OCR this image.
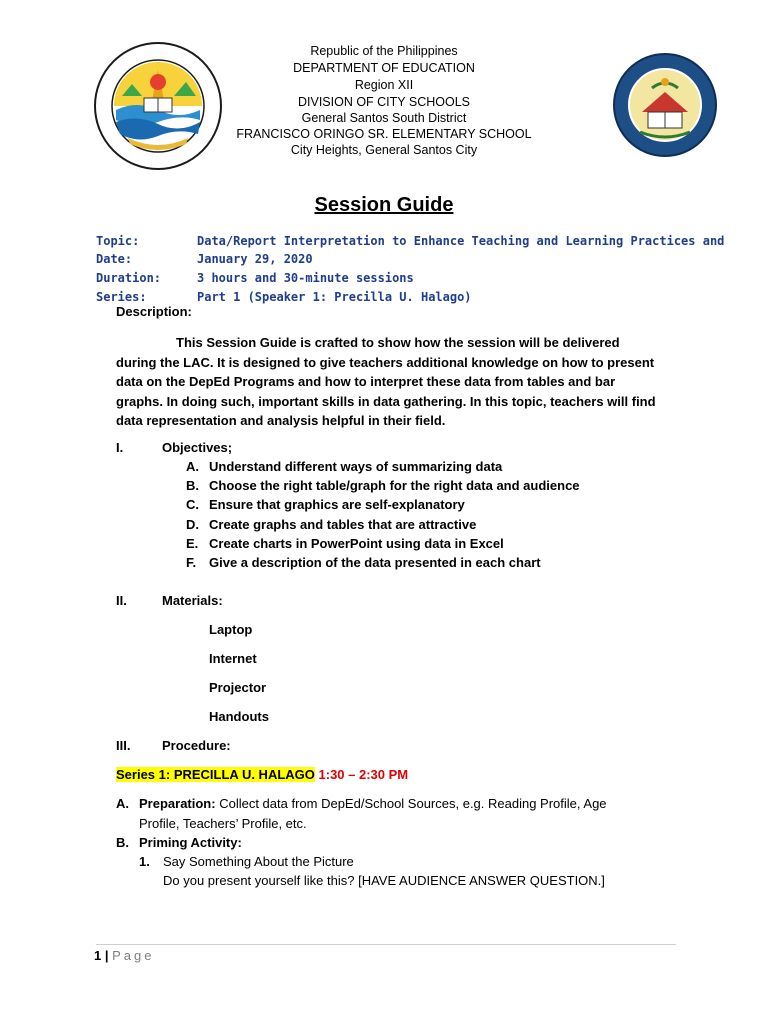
Republic of the Philippines
DEPARTMENT OF EDUCATION
Region XII
DIVISION OF CITY SCHOOLS
General Santos South District
FRANCISCO ORINGO SR. ELEMENTARY SCHOOL
City Heights, General Santos City
Session Guide
Topic:	Data/Report Interpretation to Enhance Teaching and Learning Practices and
Date:	January 29, 2020
Duration:	3 hours and 30-minute sessions
Series:	Part 1 (Speaker 1: Precilla U. Halago)
Description:
This Session Guide is crafted to show how the session will be delivered during the LAC. It is designed to give teachers additional knowledge on how to present data on the DepEd Programs and how to interpret these data from tables and bar graphs. In doing such, important skills in data gathering. In this topic, teachers will find data representation and analysis helpful in their field.
I.	Objectives;
A. Understand different ways of summarizing data
B. Choose the right table/graph for the right data and audience
C. Ensure that graphics are self-explanatory
D. Create graphs and tables that are attractive
E. Create charts in PowerPoint using data in Excel
F. Give a description of the data presented in each chart
II.	Materials:
Laptop
Internet
Projector
Handouts
III. Procedure:
Series 1: PRECILLA U. HALAGO 1:30 – 2:30 PM
A. Preparation: Collect data from DepEd/School Sources, e.g. Reading Profile, Age
Profile, Teachers’ Profile, etc.
B. Priming Activity:
1. Say Something About the Picture
Do you present yourself like this? [HAVE AUDIENCE ANSWER QUESTION.]
1 | Page
